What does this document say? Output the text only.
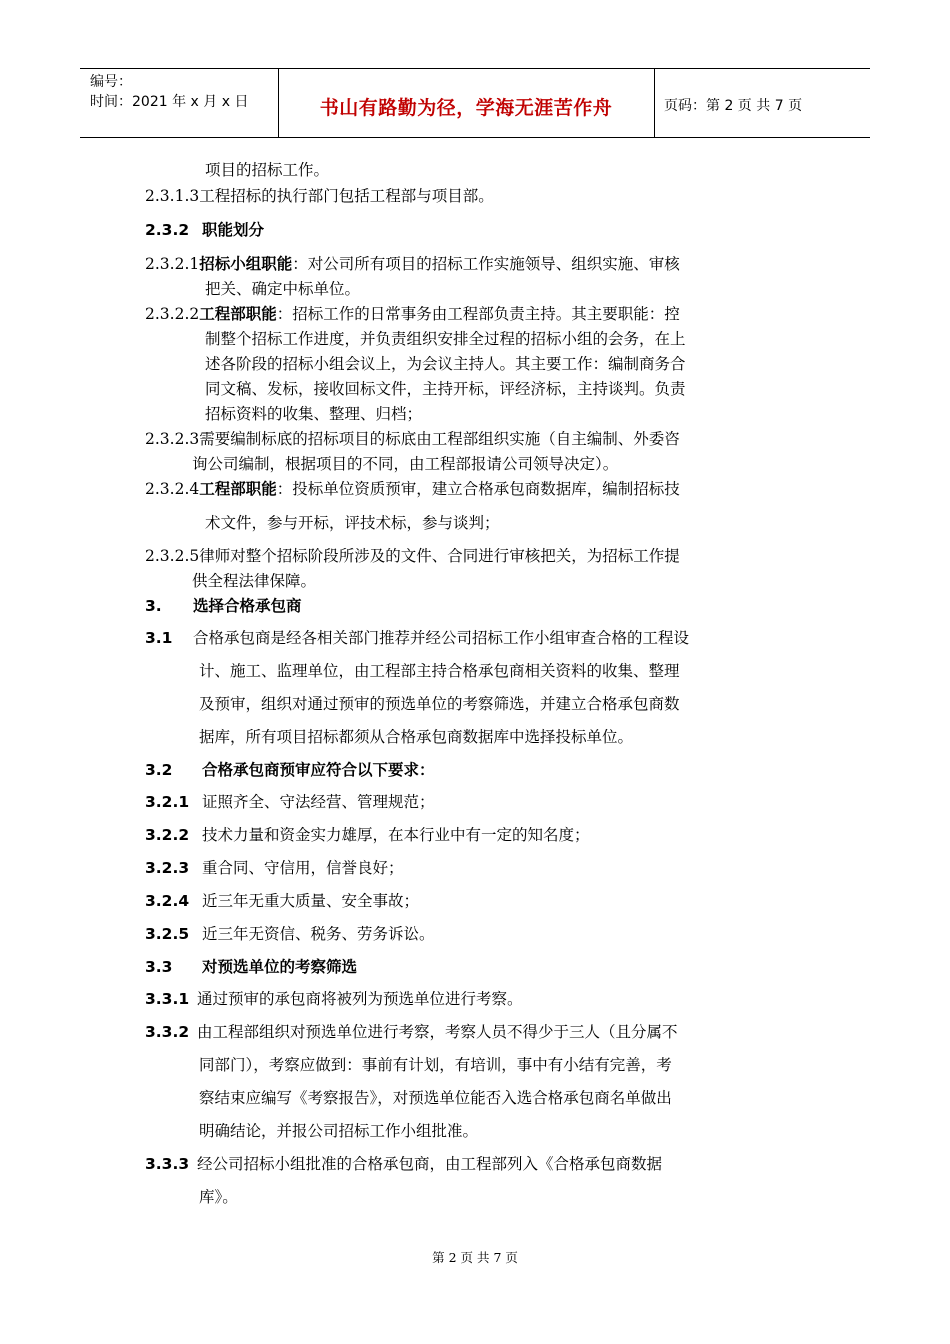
编号：
时间：2021 年 x 月 x 日	书山有路勤为径，学海无涯苦作舟	页码：第 2 页 共 7 页
项目的招标工作。
2.3.1.3工程招标的执行部门包括工程部与项目部。
2.3.2 职能划分
2.3.2.1招标小组职能：对公司所有项目的招标工作实施领导、组织实施、审核
把关、确定中标单位。
2.3.2.2工程部职能：招标工作的日常事务由工程部负责主持。其主要职能：控
制整个招标工作进度，并负责组织安排全过程的招标小组的会务，在上
述各阶段的招标小组会议上，为会议主持人。其主要工作：编制商务合
同文稿、发标，接收回标文件，主持开标，评经济标，主持谈判。负责
招标资料的收集、整理、归档；
2.3.2.3需要编制标底的招标项目的标底由工程部组织实施（自主编制、外委咨
询公司编制，根据项目的不同，由工程部报请公司领导决定）。
2.3.2.4工程部职能：投标单位资质预审，建立合格承包商数据库，编制招标技
术文件，参与开标，评技术标，参与谈判；
2.3.2.5律师对整个招标阶段所涉及的文件、合同进行审核把关，为招标工作提
供全程法律保障。
3. 选择合格承包商
3.1 合格承包商是经各相关部门推荐并经公司招标工作小组审查合格的工程设
计、施工、监理单位，由工程部主持合格承包商相关资料的收集、整理
及预审，组织对通过预审的预选单位的考察筛选，并建立合格承包商数
据库，所有项目招标都须从合格承包商数据库中选择投标单位。
3.2 合格承包商预审应符合以下要求：
3.2.1 证照齐全、守法经营、管理规范；
3.2.2 技术力量和资金实力雄厚，在本行业中有一定的知名度；
3.2.3 重合同、守信用，信誉良好；
3.2.4 近三年无重大质量、安全事故；
3.2.5 近三年无资信、税务、劳务诉讼。
3.3 对预选单位的考察筛选
3.3.1 通过预审的承包商将被列为预选单位进行考察。
3.3.2 由工程部组织对预选单位进行考察，考察人员不得少于三人（且分属不
同部门），考察应做到：事前有计划，有培训，事中有小结有完善，考
察结束应编写《考察报告》，对预选单位能否入选合格承包商名单做出
明确结论，并报公司招标工作小组批准。
3.3.3 经公司招标小组批准的合格承包商，由工程部列入《合格承包商数据
库》。
第 2 页 共 7 页
